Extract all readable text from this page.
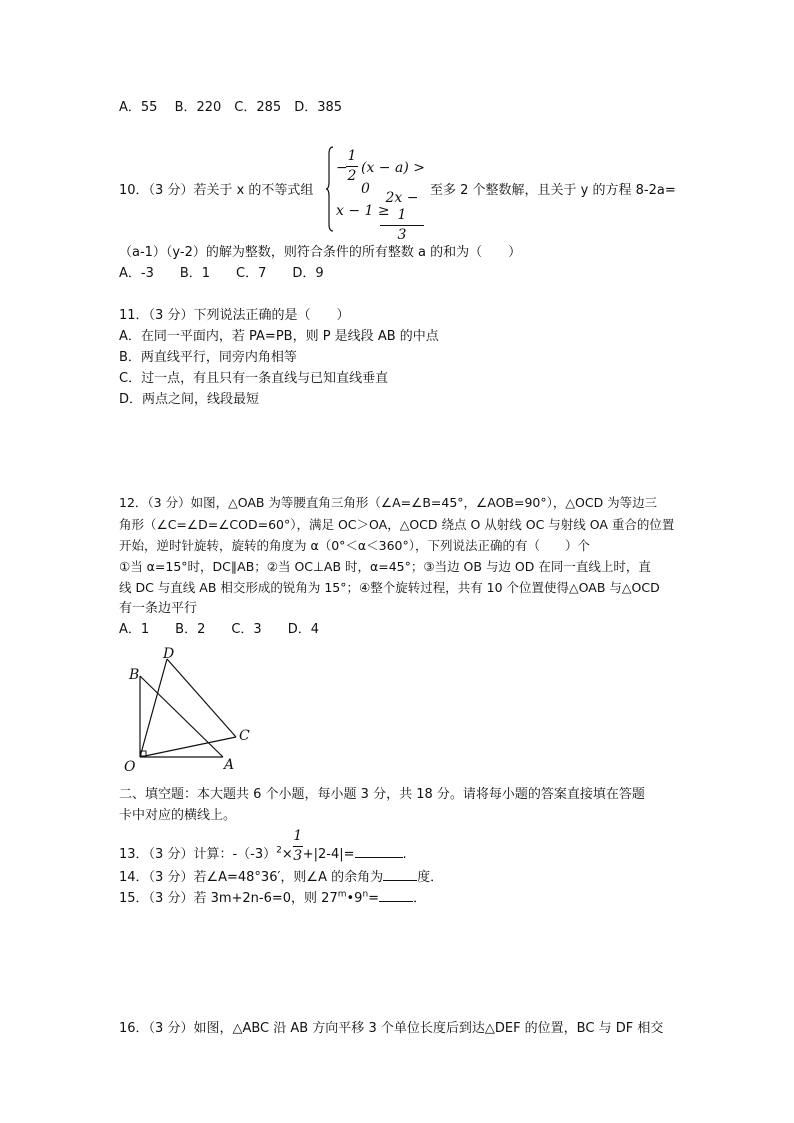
A．55　 B．220　C．285　D．385
10．（3 分）若关于 x 的不等式组
−
1
2 (x − a) > 0
x − 1 ≥
2x − 1
3
至多 2 个整数解，且关于 y 的方程 8-2a=
（a-1）（y-2）的解为整数，则符合条件的所有整数 a 的和为（　　）
A．-3　　B．1　　C．7　　D．9
11．（3 分）下列说法正确的是（　　）
A．在同一平面内，若 PA=PB，则 P 是线段 AB 的中点
B．两直线平行，同旁内角相等
C．过一点，有且只有一条直线与已知直线垂直
D．两点之间，线段最短
12．（3 分）如图，△OAB 为等腰直角三角形（∠A=∠B=45°，∠AOB=90°），△OCD 为等边三
角形（∠C=∠D=∠COD=60°），满足 OC＞OA，△OCD 绕点 O 从射线 OC 与射线 OA 重合的位置
开始，逆时针旋转，旋转的角度为 α（0°＜α＜360°），下列说法正确的有（　　）个
①当 α=15°时，DC∥AB；②当 OC⊥AB 时，α=45°；③当边 OB 与边 OD 在同一直线上时，直
线 DC 与直线 AB 相交形成的锐角为 15°；④整个旋转过程，共有 10 个位置使得△OAB 与△OCD
有一条边平行
A．1　　B．2　　C．3　　D．4
B
D
C
O	A
二、填空题：本大题共 6 个小题，每小题 3 分，共 18 分。请将每小题的答案直接填在答题
卡中对应的横线上。
13．（3 分）计算：$-(-3)^2\times \frac{1}{3} +|2-4|=$	.
14．（3 分）若∠A=48°36′，则∠A 的余角为	度．
15．（3 分）若 3m+2n-6=0，则 $27^m•9^n=$	．
16．（3 分）如图，△ABC 沿 AB 方向平移 3 个单位长度后到达△DEF 的位置，BC 与 DF 相交
